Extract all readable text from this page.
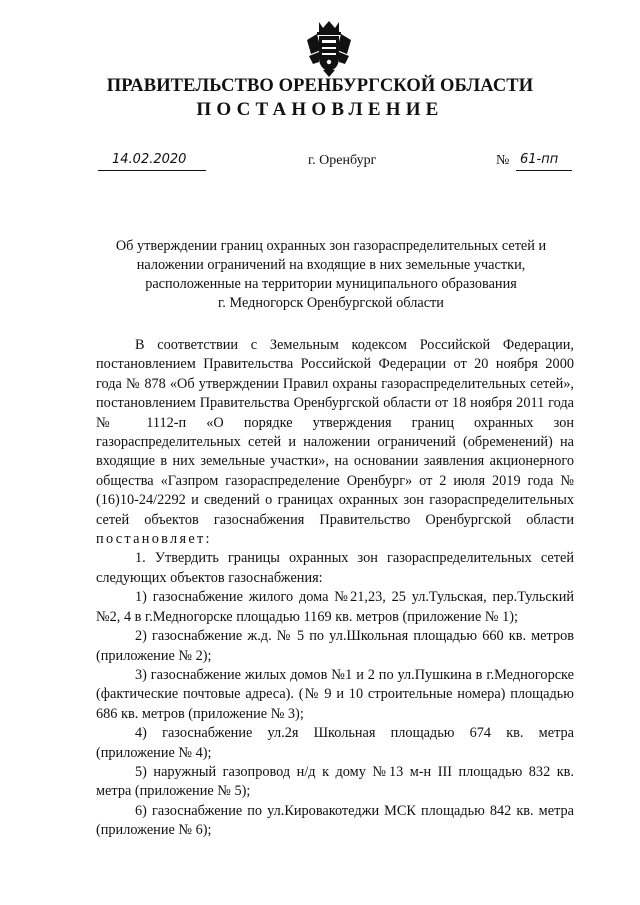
ПРАВИТЕЛЬСТВО ОРЕНБУРГСКОЙ ОБЛАСТИ
ПОСТАНОВЛЕНИЕ
14.02.2020	г. Оренбург	№ 61-пп
Об утверждении границ охранных зон газораспределительных сетей и
наложении ограничений на входящие в них земельные участки,
расположенные на территории муниципального образования
г. Медногорск Оренбургской области

В соответствии с Земельным кодексом Российской Федерации, постановлением Правительства Российской Федерации от 20 ноября 2000 года № 878 «Об утверждении Правил охраны газораспределительных сетей», постановлением Правительства Оренбургской области от 18 ноября 2011 года № 1112-п «О порядке утверждения границ охранных зон газораспределительных сетей и наложении ограничений (обременений) на входящие в них земельные участки», на основании заявления акционерного общества «Газпром газораспределение Оренбург» от 2 июля 2019 года № (16)10-24/2292 и сведений о границах охранных зон газораспределительных сетей объектов газоснабжения Правительство Оренбургской области постановляет:

1. Утвердить границы охранных зон газораспределительных сетей следующих объектов газоснабжения:

1) газоснабжение жилого дома №21,23, 25 ул.Тульская, пер.Тульский №2, 4 в г.Медногорске площадью 1169 кв. метров (приложение № 1);

2) газоснабжение ж.д. № 5 по ул.Школьная площадью 660 кв. метров (приложение № 2);

3) газоснабжение жилых домов №1 и 2 по ул.Пушкина в г.Медногорске (фактические почтовые адреса). (№ 9 и 10 строительные номера) площадью 686 кв. метров (приложение № 3);

4) газоснабжение ул.2я Школьная площадью 674 кв. метра (приложение № 4);

5) наружный газопровод н/д к дому №13 м-н III площадью 832 кв. метра (приложение № 5);

6) газоснабжение по ул.Кировакотеджи МСК площадью 842 кв. метра (приложение № 6);
